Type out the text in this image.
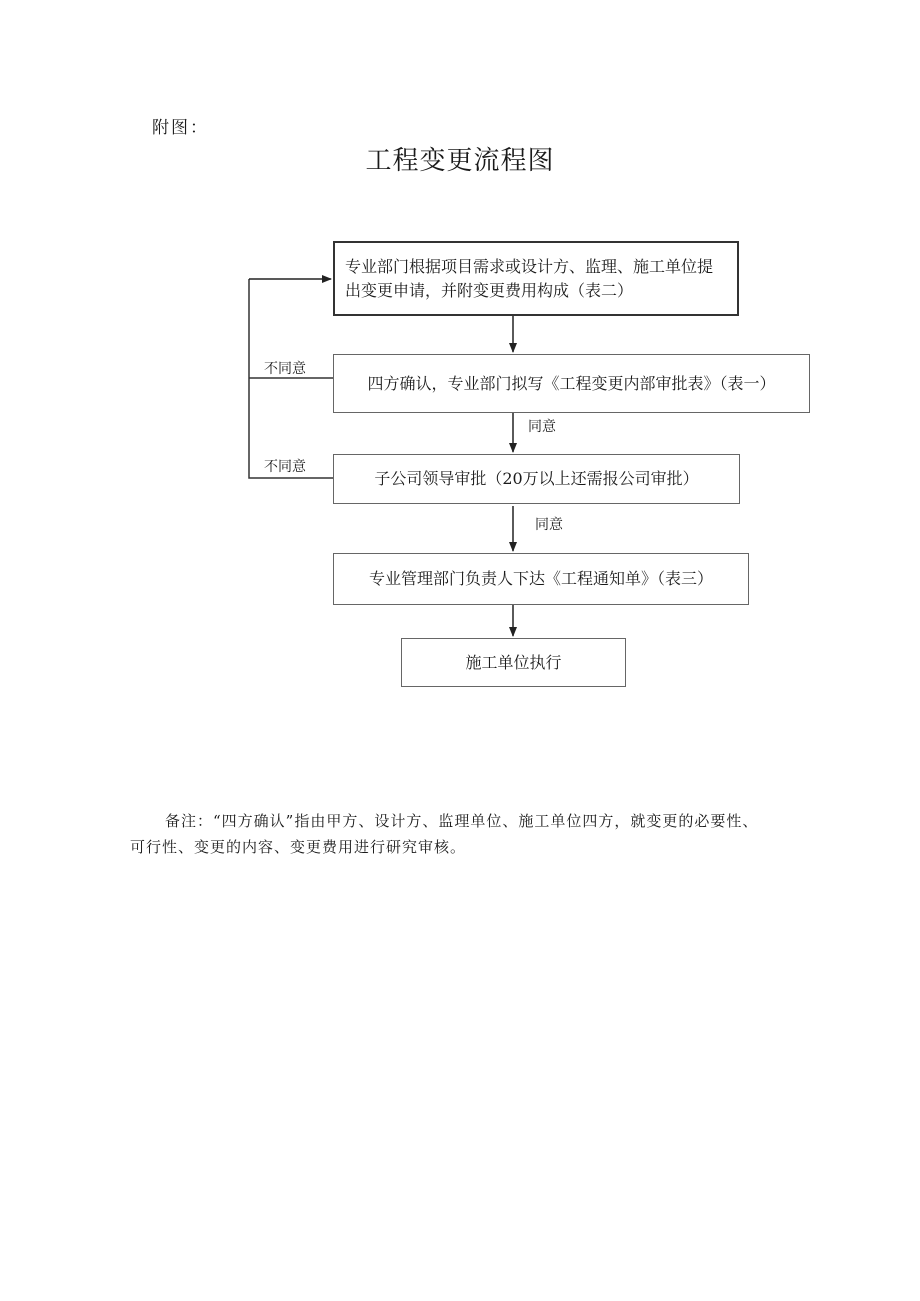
附图：
工程变更流程图
专业部门根据项目需求或设计方、监理、施工单位提出变更申请，并附变更费用构成（表二）
四方确认，专业部门拟写《工程变更内部审批表》（表一）
子公司领导审批（20万以上还需报公司审批）
专业管理部门负责人下达《工程通知单》（表三）
施工单位执行
同意
同意
不同意
不同意
备注：“四方确认”指由甲方、设计方、监理单位、施工单位四方，就变更的必要性、
可行性、变更的内容、变更费用进行研究审核。
